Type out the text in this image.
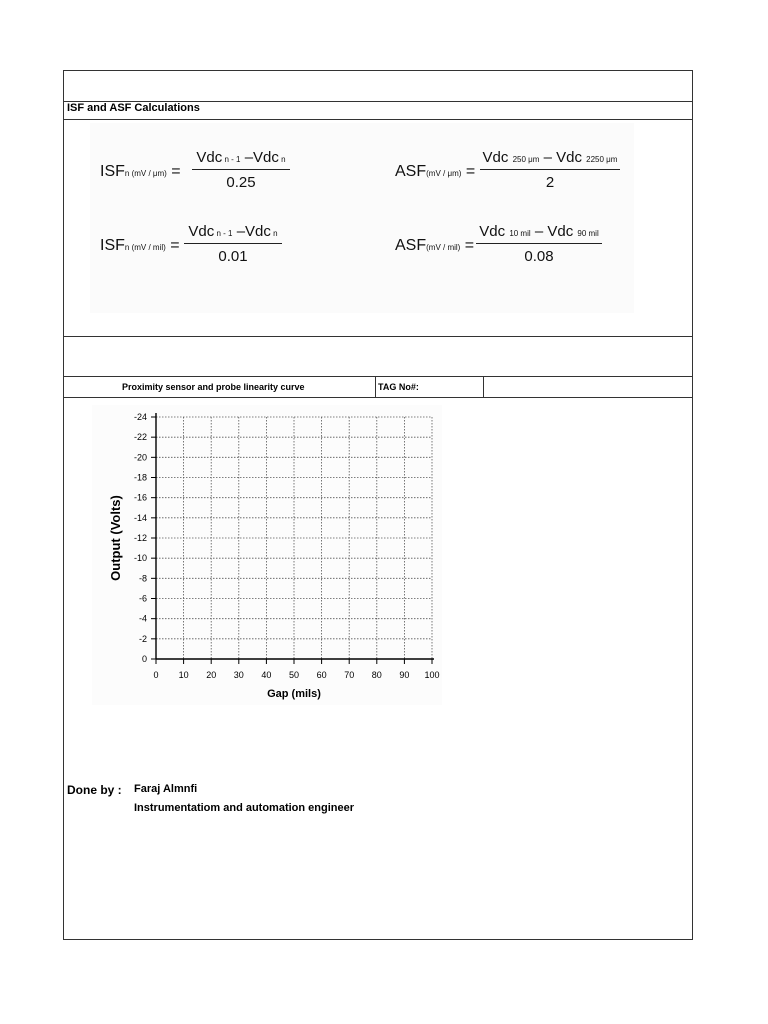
ISF and ASF Calculations
ISFn (mV / μm) =
Vdc n - 1 –Vdc n
0.25
ASF(mV / μm) =
Vdc 250 μm – Vdc 2250 μm
2
ISFn (mV / mil) =
Vdc n - 1 –Vdc n
0.01
ASF(mV / mil) =
Vdc 10 mil – Vdc 90 mil
0.08
Proximity sensor and probe linearity curve	TAG No#:
0 10 20 30 40 50 60 70 80 90 100
0
-2
-4
-6
-8
-10
-12
-14
-16
-18
-20
-22
-24
Gap (mils)
Output (Volts)
Done by : Faraj Almnfi
Instrumentatiom and automation engineer
